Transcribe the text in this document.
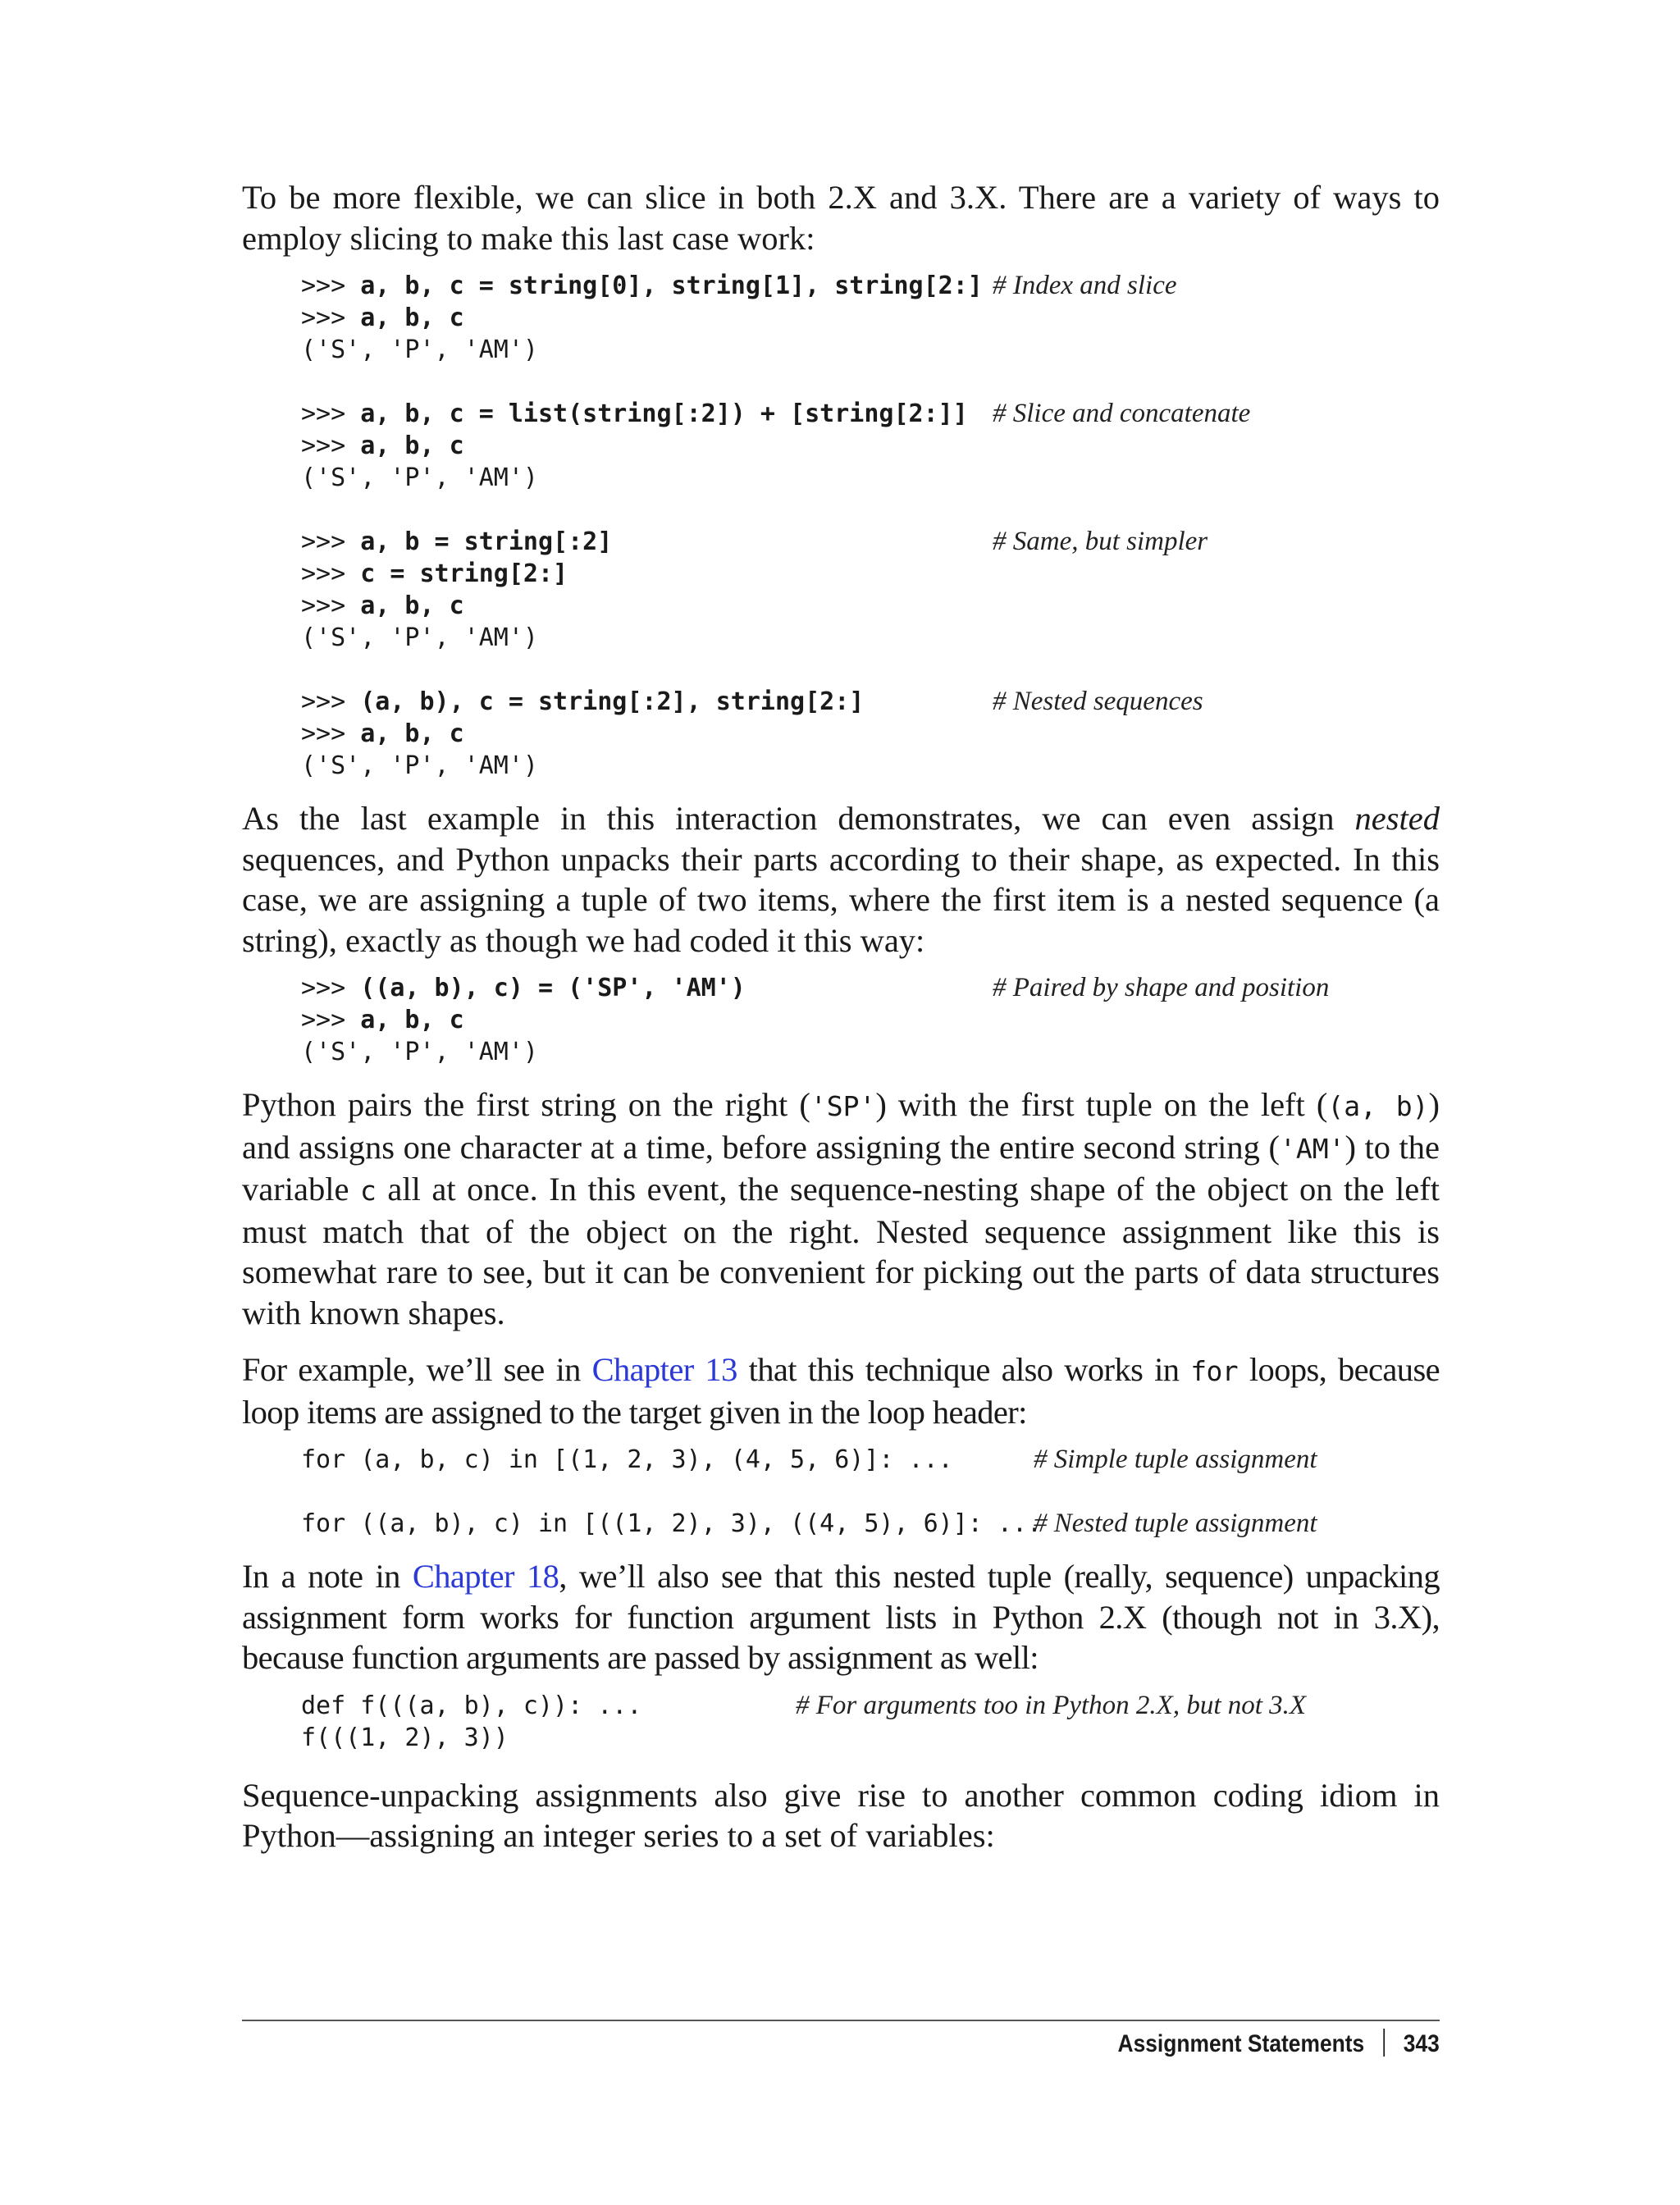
To be more flexible, we can slice in both 2.X and 3.X. There are a variety of ways to employ slicing to make this last case work:

>>> a, b, c = string[0], string[1], string[2:] # Index and slice
>>> a, b, c
('S', 'P', 'AM')
>>> a, b, c = list(string[:2]) + [string[2:]] # Slice and concatenate
>>> a, b, c
('S', 'P', 'AM')
>>> a, b = string[:2]	# Same, but simpler
>>> c = string[2:]
>>> a, b, c
('S', 'P', 'AM')
>>> (a, b), c = string[:2], string[2:]	# Nested sequences
>>> a, b, c
('S', 'P', 'AM')

As the last example in this interaction demonstrates, we can even assign nested sequences, and Python unpacks their parts according to their shape, as expected. In this case, we are assigning a tuple of two items, where the first item is a nested sequence (a string), exactly as though we had coded it this way:

>>> ((a, b), c) = ('SP', 'AM')	# Paired by shape and position
>>> a, b, c
('S', 'P', 'AM')

Python pairs the first string on the right ('SP') with the first tuple on the left ((a, b)) and assigns one character at a time, before assigning the entire second string ('AM') to the variable c all at once. In this event, the sequence-nesting shape of the object on the left must match that of the object on the right. Nested sequence assignment like this is somewhat rare to see, but it can be convenient for picking out the parts of data structures with known shapes.

For example, we’ll see in Chapter 13 that this technique also works in for loops, because loop items are assigned to the target given in the loop header:

for (a, b, c) in [(1, 2, 3), (4, 5, 6)]: ...	# Simple tuple assignment
for ((a, b), c) in [((1, 2), 3), ((4, 5), 6)]: ...
# Nested tuple assignment

In a note in Chapter 18, we’ll also see that this nested tuple (really, sequence) unpacking assignment form works for function argument lists in Python 2.X (though not in 3.X), because function arguments are passed by assignment as well:

def f(((a, b), c)): ...	# For arguments too in Python 2.X, but not 3.X
f(((1, 2), 3))

Sequence-unpacking assignments also give rise to another common coding idiom in Python—assigning an integer series to a set of variables:

Assignment Statements 343
